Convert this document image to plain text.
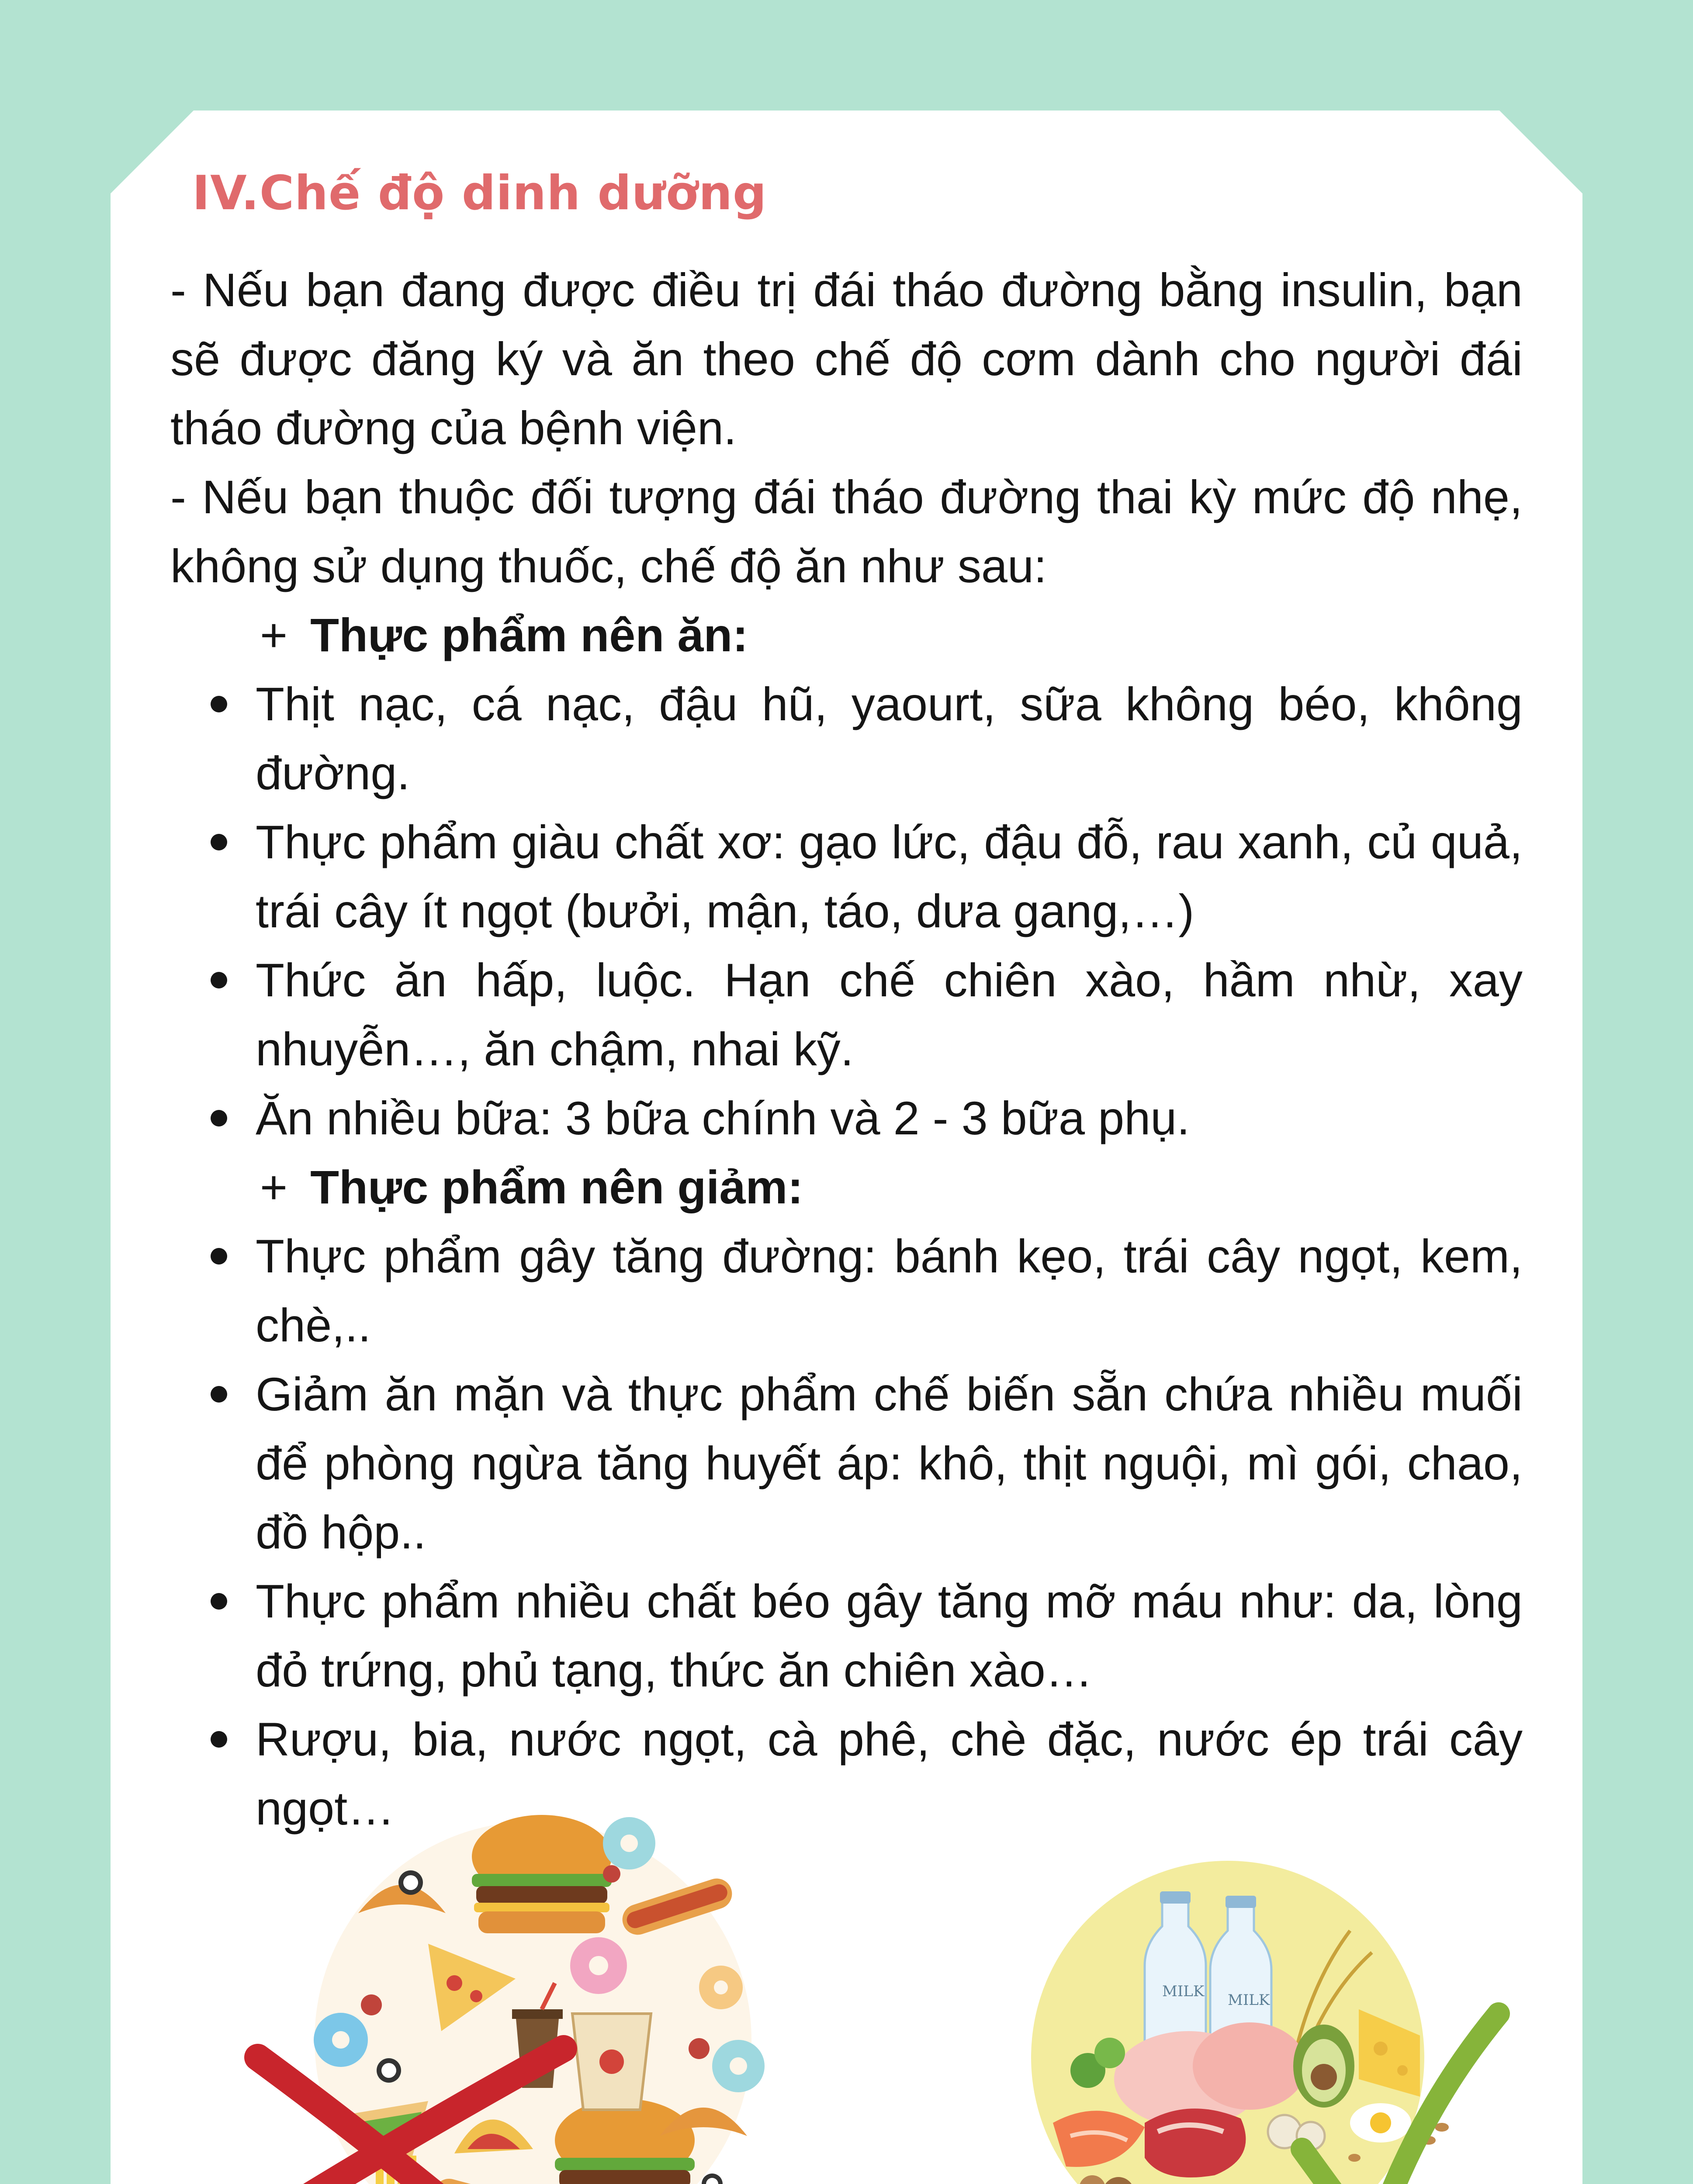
IV.Chế độ dinh dưỡng

- Nếu bạn đang được điều trị đái tháo đường bằng insulin, bạn sẽ được đăng ký và ăn theo chế độ cơm dành cho người đái tháo đường của bệnh viện.

- Nếu bạn thuộc đối tượng đái tháo đường thai kỳ mức độ nhẹ, không sử dụng thuốc, chế độ ăn như sau:

+ Thực phẩm nên ăn:

Thịt nạc, cá nạc, đậu hũ, yaourt, sữa không béo, không đường.
Thực phẩm giàu chất xơ: gạo lức, đậu đỗ, rau xanh, củ quả, trái cây ít ngọt (bưởi, mận, táo, dưa gang,…)
Thức ăn hấp, luộc. Hạn chế chiên xào, hầm nhừ, xay nhuyễn…, ăn chậm, nhai kỹ.
Ăn nhiều bữa: 3 bữa chính và 2 - 3 bữa phụ.

+ Thực phẩm nên giảm:

Thực phẩm gây tăng đường: bánh kẹo, trái cây ngọt, kem, chè,..
Giảm ăn mặn và thực phẩm chế biến sẵn chứa nhiều muối để phòng ngừa tăng huyết áp: khô, thịt nguội, mì gói, chao, đồ hộp..
Thực phẩm nhiều chất béo gây tăng mỡ máu như: da, lòng đỏ trứng, phủ tạng, thức ăn chiên xào…
Rượu, bia, nước ngọt, cà phê, chè đặc, nước ép trái cây ngọt…
MILK MILK
